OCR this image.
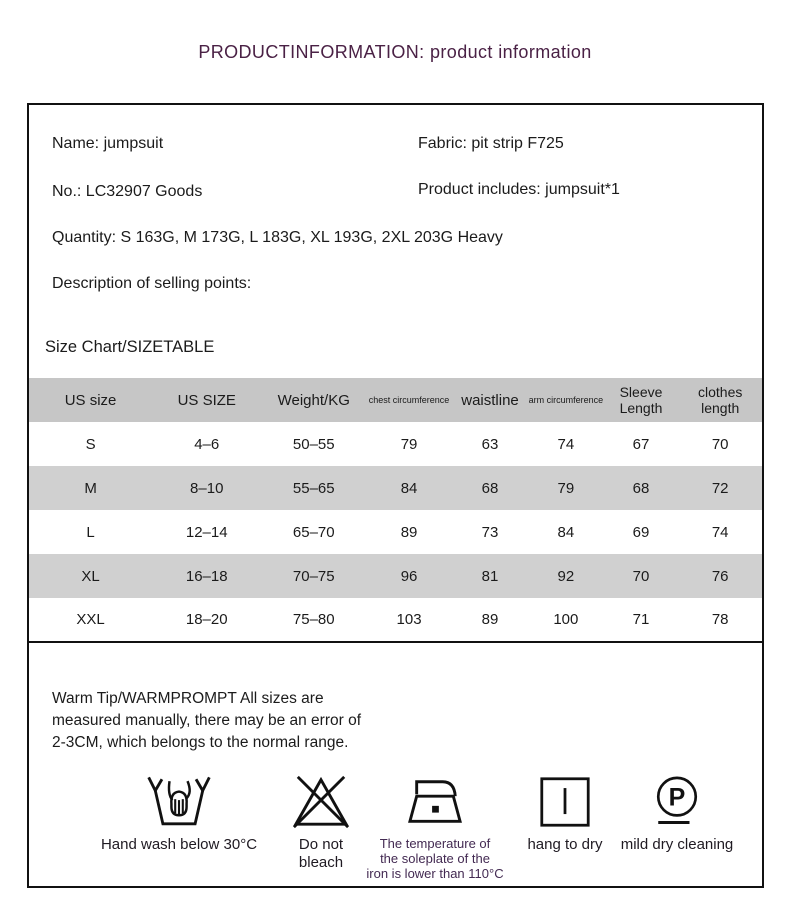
PRODUCTINFORMATION: product information
Name: jumpsuit	Fabric: pit strip F725
No.: LC32907 Goods	Product includes: jumpsuit*1
Quantity: S 163G, M 173G, L 183G, XL 193G, 2XL 203G Heavy
Description of selling points:
Size Chart/SIZETABLE
US size	US SIZE	Weight/KG	chest circumference	waistline	arm circumference	Sleeve Length	clothes length
S	4–6	50–55	79	63	74	67	70
M	8–10	55–65	84	68	79	68	72
L	12–14	65–70	89	73	84	69	74
XL	16–18	70–75	96	81	92	70	76
XXL	18–20	75–80	103	89	100	71	78
Warm Tip/WARMPROMPT All sizes are
measured manually, there may be an error of
2-3CM, which belongs to the normal range.
Hand wash below 30°C	Do not
bleach
The temperature of
the soleplate of the
iron is lower than 110°C
hang to dry
P
mild dry cleaning
